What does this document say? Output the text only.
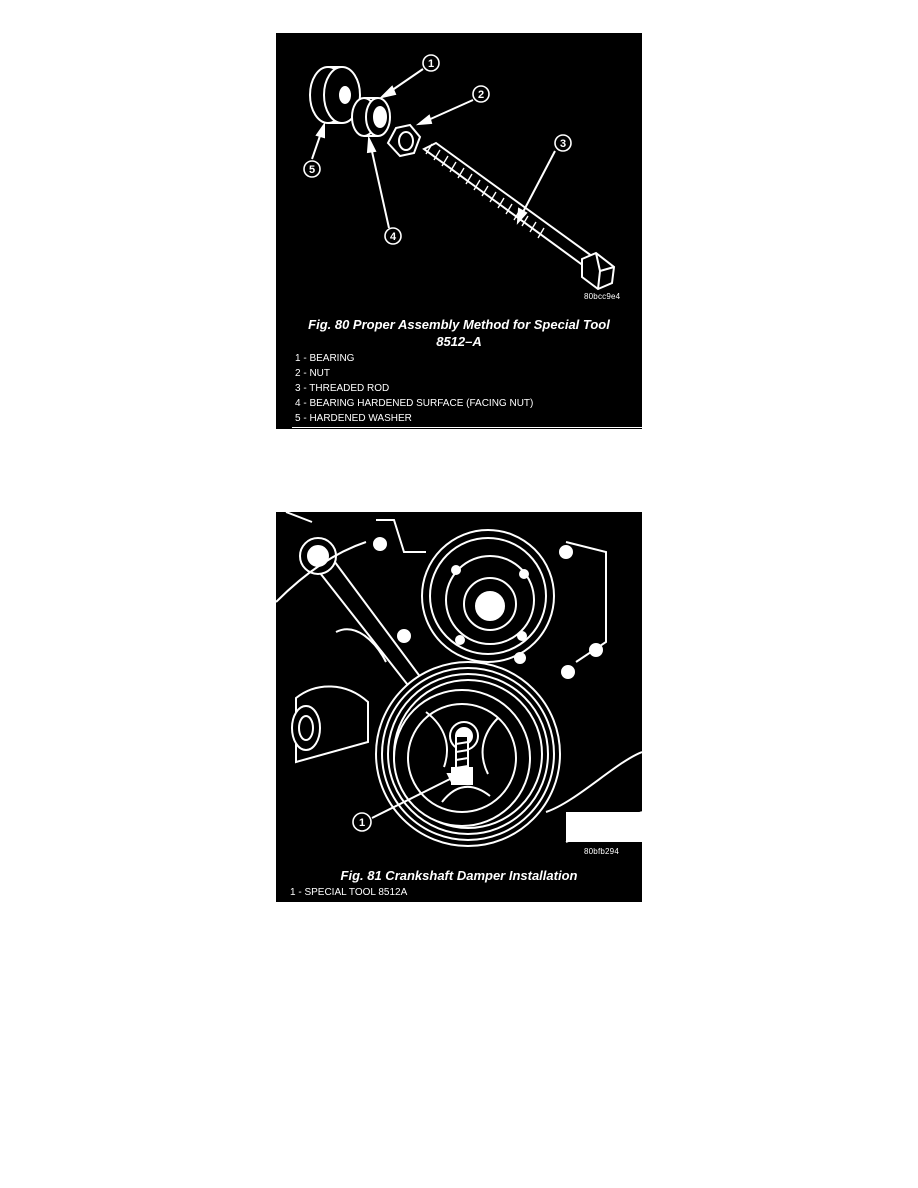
1
2
3
4
5
80bcc9e4
Fig. 80 Proper Assembly Method for Special Tool
8512–A
1 - BEARING
2 - NUT
3 - THREADED ROD
4 - BEARING HARDENED SURFACE (FACING NUT)
5 - HARDENED WASHER
1
80bfb294
Fig. 81 Crankshaft Damper Installation
1 - SPECIAL TOOL 8512A
